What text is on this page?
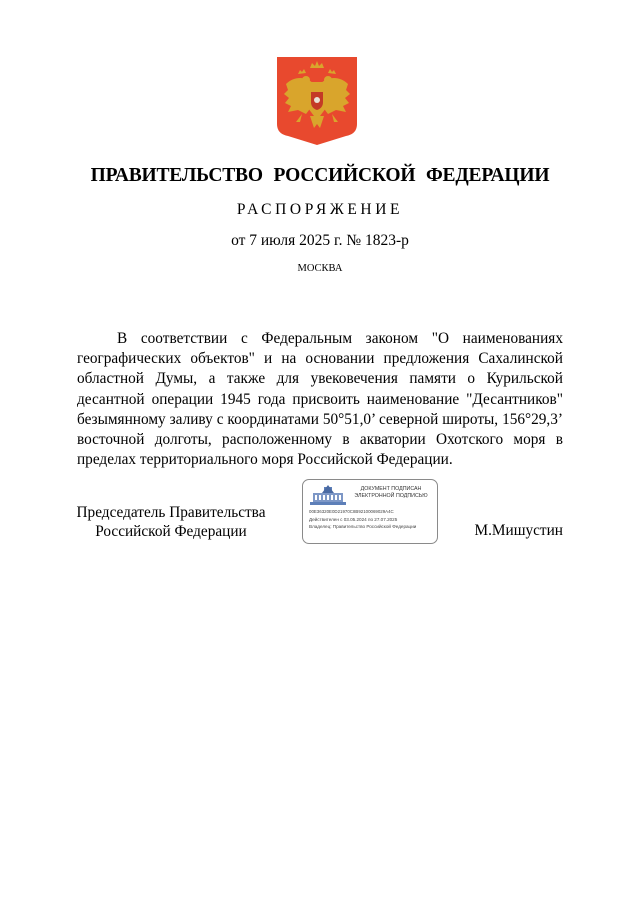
ПРАВИТЕЛЬСТВО РОССИЙСКОЙ ФЕДЕРАЦИИ
РАСПОРЯЖЕНИЕ
от 7 июля 2025 г. № 1823-р
МОСКВА
В соответствии с Федеральным законом "О наименованиях географических объектов" и на основании предложения Сахалинской областной Думы, а также для увековечения памяти о Курильской десантной операции 1945 года присвоить наименование "Десантников" безымянному заливу с координатами 50°51,0’ северной широты, 156°29,3’ восточной долготы, расположенному в акватории Охотского моря в пределах территориального моря Российской Федерации.
Председатель Правительства
Российской Федерации
ДОКУМЕНТ ПОДПИСАН
ЭЛЕКТРОННОЙ ПОДПИСЬЮ
00E36320E0D21970C8B92100069029A4C
Действителен с 03.05.2024 по 27.07.2025
Владелец: Правительство Российской Федерации	М.Мишустин
